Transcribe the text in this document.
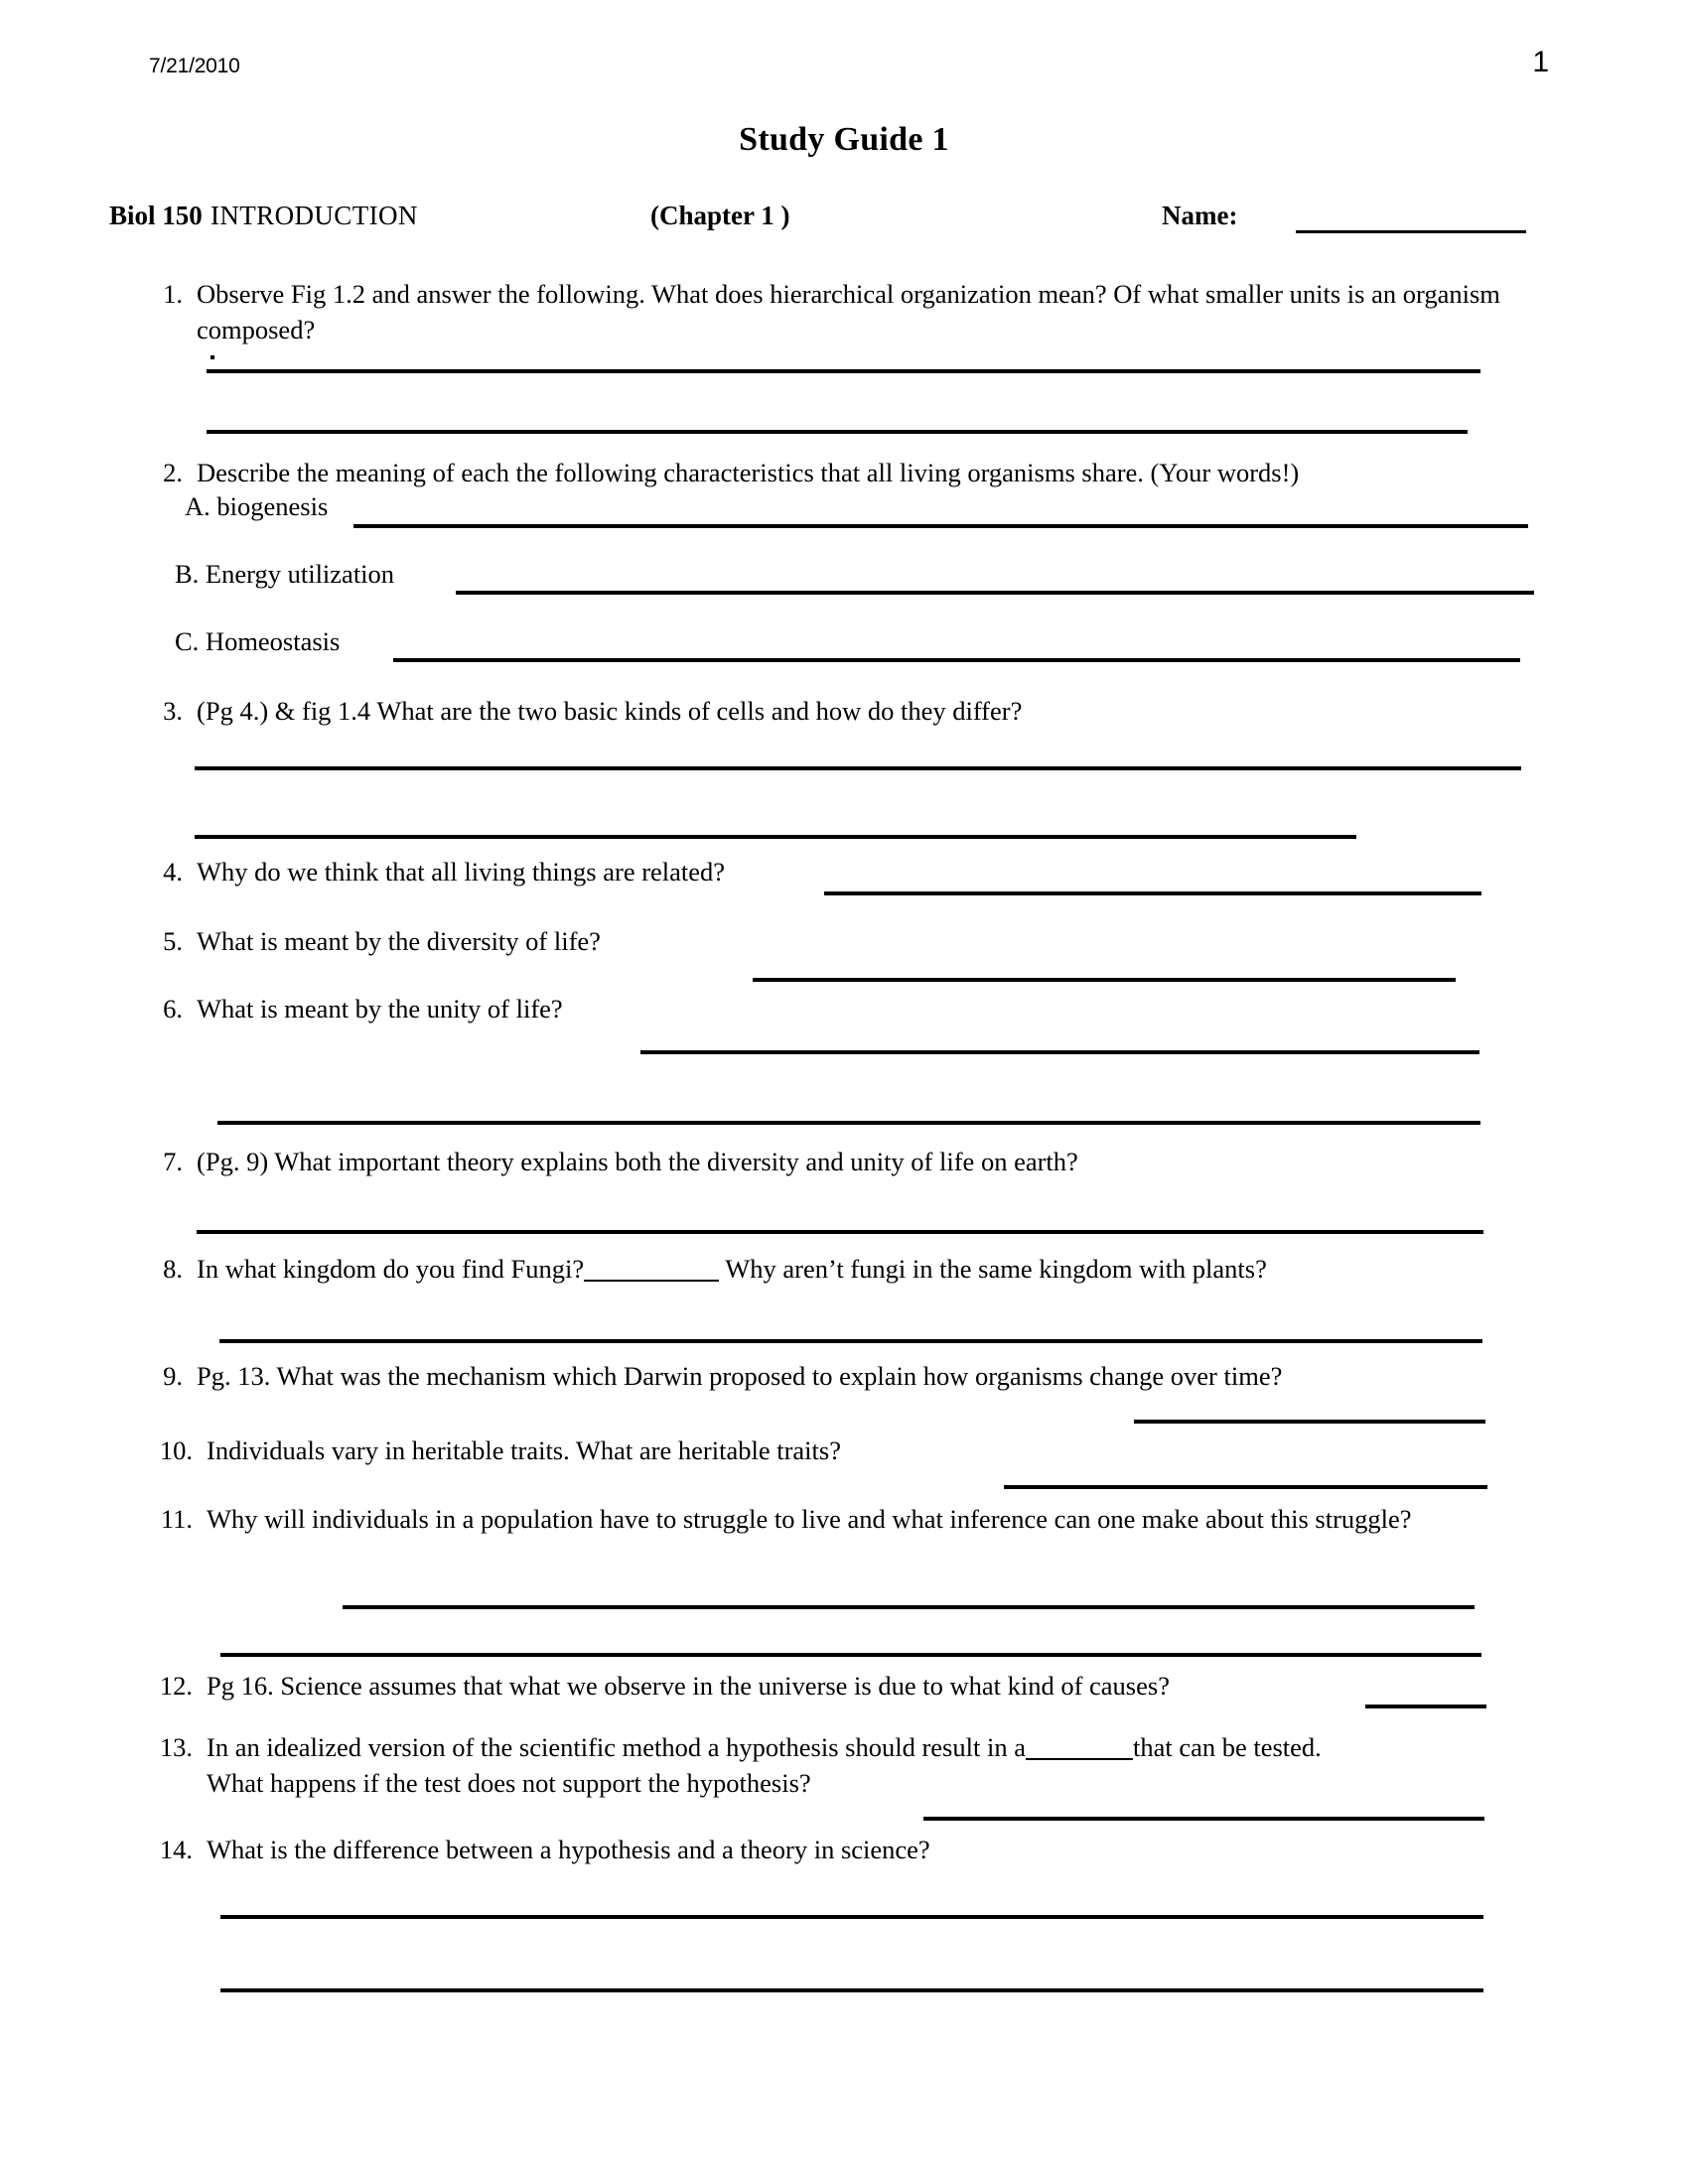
7/21/2010	1
Study Guide 1
Biol 150 INTRODUCTION	(Chapter 1 )	Name:
1. Observe Fig 1.2 and answer the following. What does hierarchical organization mean? Of what smaller units is an organism composed?
2. Describe the meaning of each the following characteristics that all living organisms share. (Your words!)
A. biogenesis
B. Energy utilization
C. Homeostasis
3. (Pg 4.) & fig 1.4 What are the two basic kinds of cells and how do they differ?
4. Why do we think that all living things are related?
5. What is meant by the diversity of life?
6. What is meant by the unity of life?
7. (Pg. 9) What important theory explains both the diversity and unity of life on earth?
8. In what kingdom do you find Fungi?	Why aren’t fungi in the same kingdom with plants?
9. Pg. 13. What was the mechanism which Darwin proposed to explain how organisms change over time?
10. Individuals vary in heritable traits. What are heritable traits?
11. Why will individuals in a population have to struggle to live and what inference can one make about this struggle?
12. Pg 16. Science assumes that what we observe in the universe is due to what kind of causes?
13. In an idealized version of the scientific method a hypothesis should result in a	that can be tested.
What happens if the test does not support the hypothesis?
14. What is the difference between a hypothesis and a theory in science?
